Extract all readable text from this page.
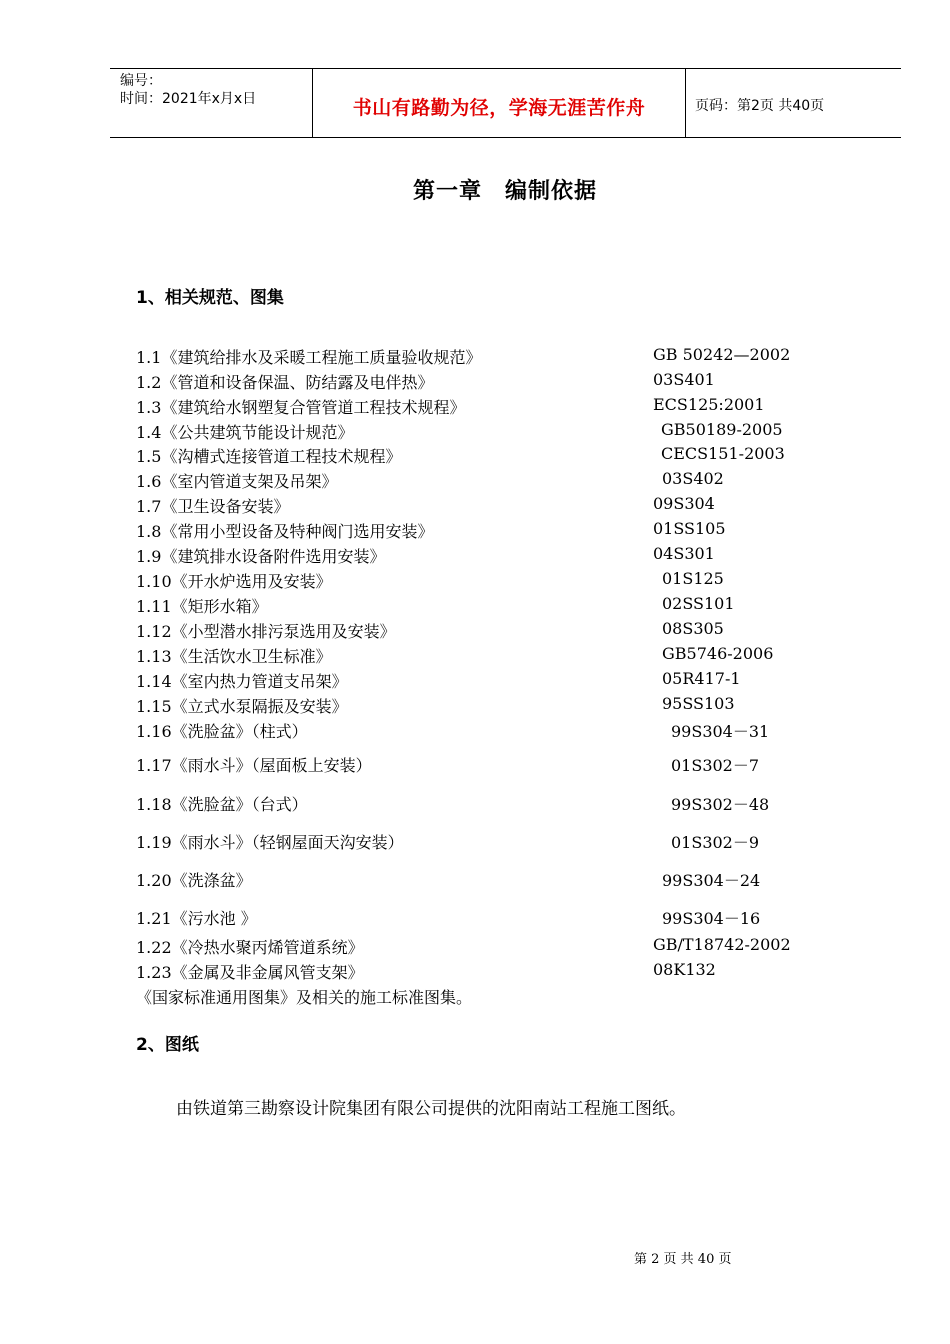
编号：
时间：2021年x月x日	书山有路勤为径，学海无涯苦作舟	页码：第2页 共40页
第一章　编制依据
1、相关规范、图集
1.1《建筑给排水及采暖工程施工质量验收规范》	GB 50242—2002
1.2《管道和设备保温、防结露及电伴热》	03S401
1.3《建筑给水钢塑复合管管道工程技术规程》	ECS125:2001
1.4《公共建筑节能设计规范》	GB50189-2005
1.5《沟槽式连接管道工程技术规程》	CECS151-2003
1.6《室内管道支架及吊架》	03S402
1.7《卫生设备安装》	09S304
1.8《常用小型设备及特种阀门选用安装》	01SS105
1.9《建筑排水设备附件选用安装》	04S301
1.10《开水炉选用及安装》	01S125
1.11《矩形水箱》	02SS101
1.12《小型潜水排污泵选用及安装》	08S305
1.13《生活饮水卫生标准》	GB5746-2006
1.14《室内热力管道支吊架》	05R417-1
1.15《立式水泵隔振及安装》	95SS103
1.16《洗脸盆》（柱式）	99S304－31
1.17《雨水斗》（屋面板上安装）	01S302－7
1.18《洗脸盆》（台式）	99S302－48
1.19《雨水斗》（轻钢屋面天沟安装）	01S302－9
1.20《洗涤盆》	99S304－24
1.21《污水池 》	99S304－16
1.22《冷热水聚丙烯管道系统》	GB/T18742-2002
1.23《金属及非金属风管支架》	08K132
《国家标准通用图集》及相关的施工标准图集。
2、图纸
由铁道第三勘察设计院集团有限公司提供的沈阳南站工程施工图纸。
第 2 页 共 40 页
